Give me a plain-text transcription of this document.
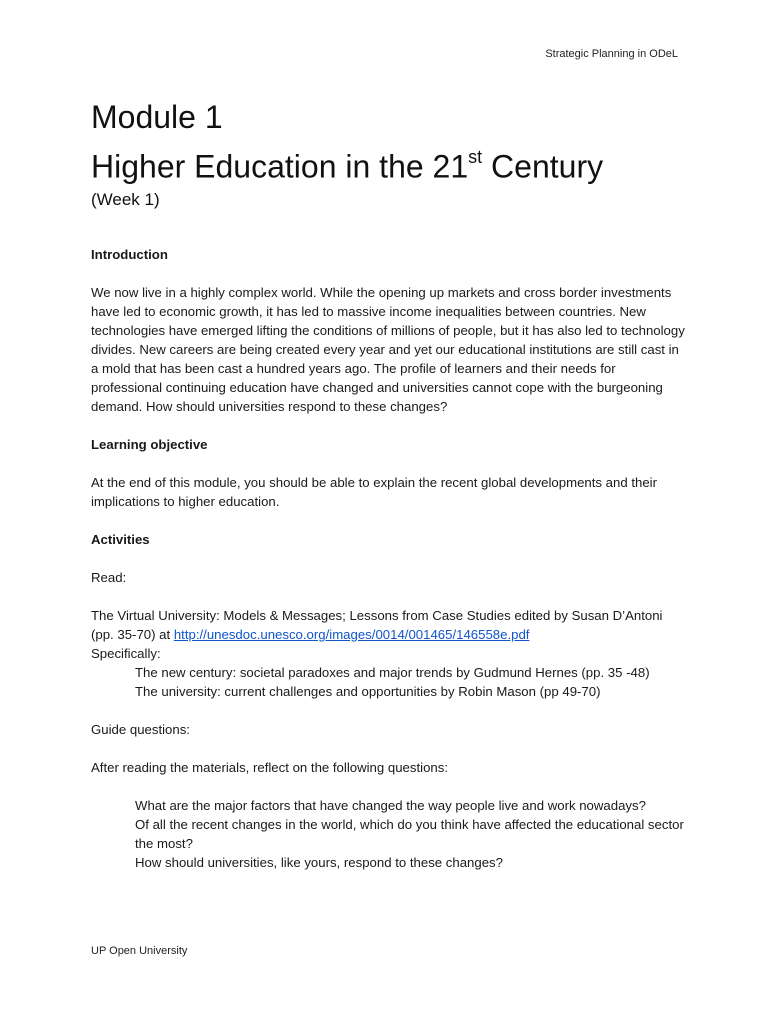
Strategic Planning in ODeL
Module 1
Higher Education in the 21st Century
(Week 1)
Introduction
We now live in a highly complex world. While the opening up markets and cross border investments have led to economic growth, it has led to massive income inequalities between countries. New technologies have emerged lifting the conditions of millions of people, but it has also led to technology divides. New careers are being created every year and yet our educational institutions are still cast in a mold that has been cast a hundred years ago. The profile of learners and their needs for professional continuing education have changed and universities cannot cope with the burgeoning demand. How should universities respond to these changes?
Learning objective
At the end of this module, you should be able to explain the recent global developments and their implications to higher education.
Activities
Read:
The Virtual University: Models & Messages; Lessons from Case Studies edited by Susan D’Antoni (pp. 35-70) at http://unesdoc.unesco.org/images/0014/001465/146558e.pdf
Specifically:
The new century: societal paradoxes and major trends by Gudmund Hernes (pp. 35 -48)
The university: current challenges and opportunities by Robin Mason (pp 49-70)
Guide questions:
After reading the materials, reflect on the following questions:
What are the major factors that have changed the way people live and work nowadays?
Of all the recent changes in the world, which do you think have affected the educational sector the most?
How should universities, like yours, respond to these changes?
UP Open University
